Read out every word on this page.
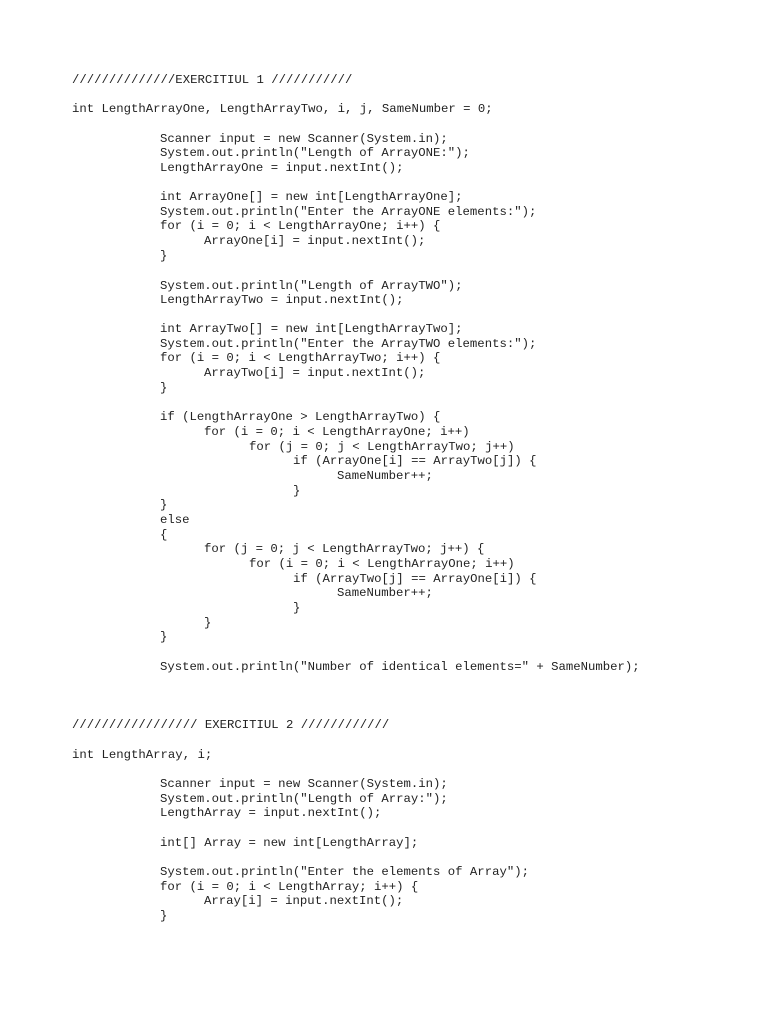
//////////////EXERCITIUL 1 ///////////

int LengthArrayOne, LengthArrayTwo, i, j, SameNumber = 0;

Scanner input = new Scanner(System.in);

System.out.println("Length of ArrayONE:");

LengthArrayOne = input.nextInt();

int ArrayOne[] = new int[LengthArrayOne];

System.out.println("Enter the ArrayONE elements:");

for (i = 0; i < LengthArrayOne; i++) {

ArrayOne[i] = input.nextInt();

}

System.out.println("Length of ArrayTWO");

LengthArrayTwo = input.nextInt();

int ArrayTwo[] = new int[LengthArrayTwo];

System.out.println("Enter the ArrayTWO elements:");

for (i = 0; i < LengthArrayTwo; i++) {

ArrayTwo[i] = input.nextInt();

}

if (LengthArrayOne > LengthArrayTwo) {

for (i = 0; i < LengthArrayOne; i++)

for (j = 0; j < LengthArrayTwo; j++)

if (ArrayOne[i] == ArrayTwo[j]) {

SameNumber++;

}

}

else

{

for (j = 0; j < LengthArrayTwo; j++) {

for (i = 0; i < LengthArrayOne; i++)

if (ArrayTwo[j] == ArrayOne[i]) {

SameNumber++;

}

}

}

System.out.println("Number of identical elements=" + SameNumber);

///////////////// EXERCITIUL 2 ////////////

int LengthArray, i;

Scanner input = new Scanner(System.in);

System.out.println("Length of Array:");

LengthArray = input.nextInt();

int[] Array = new int[LengthArray];

System.out.println("Enter the elements of Array");

for (i = 0; i < LengthArray; i++) {

Array[i] = input.nextInt();

}
